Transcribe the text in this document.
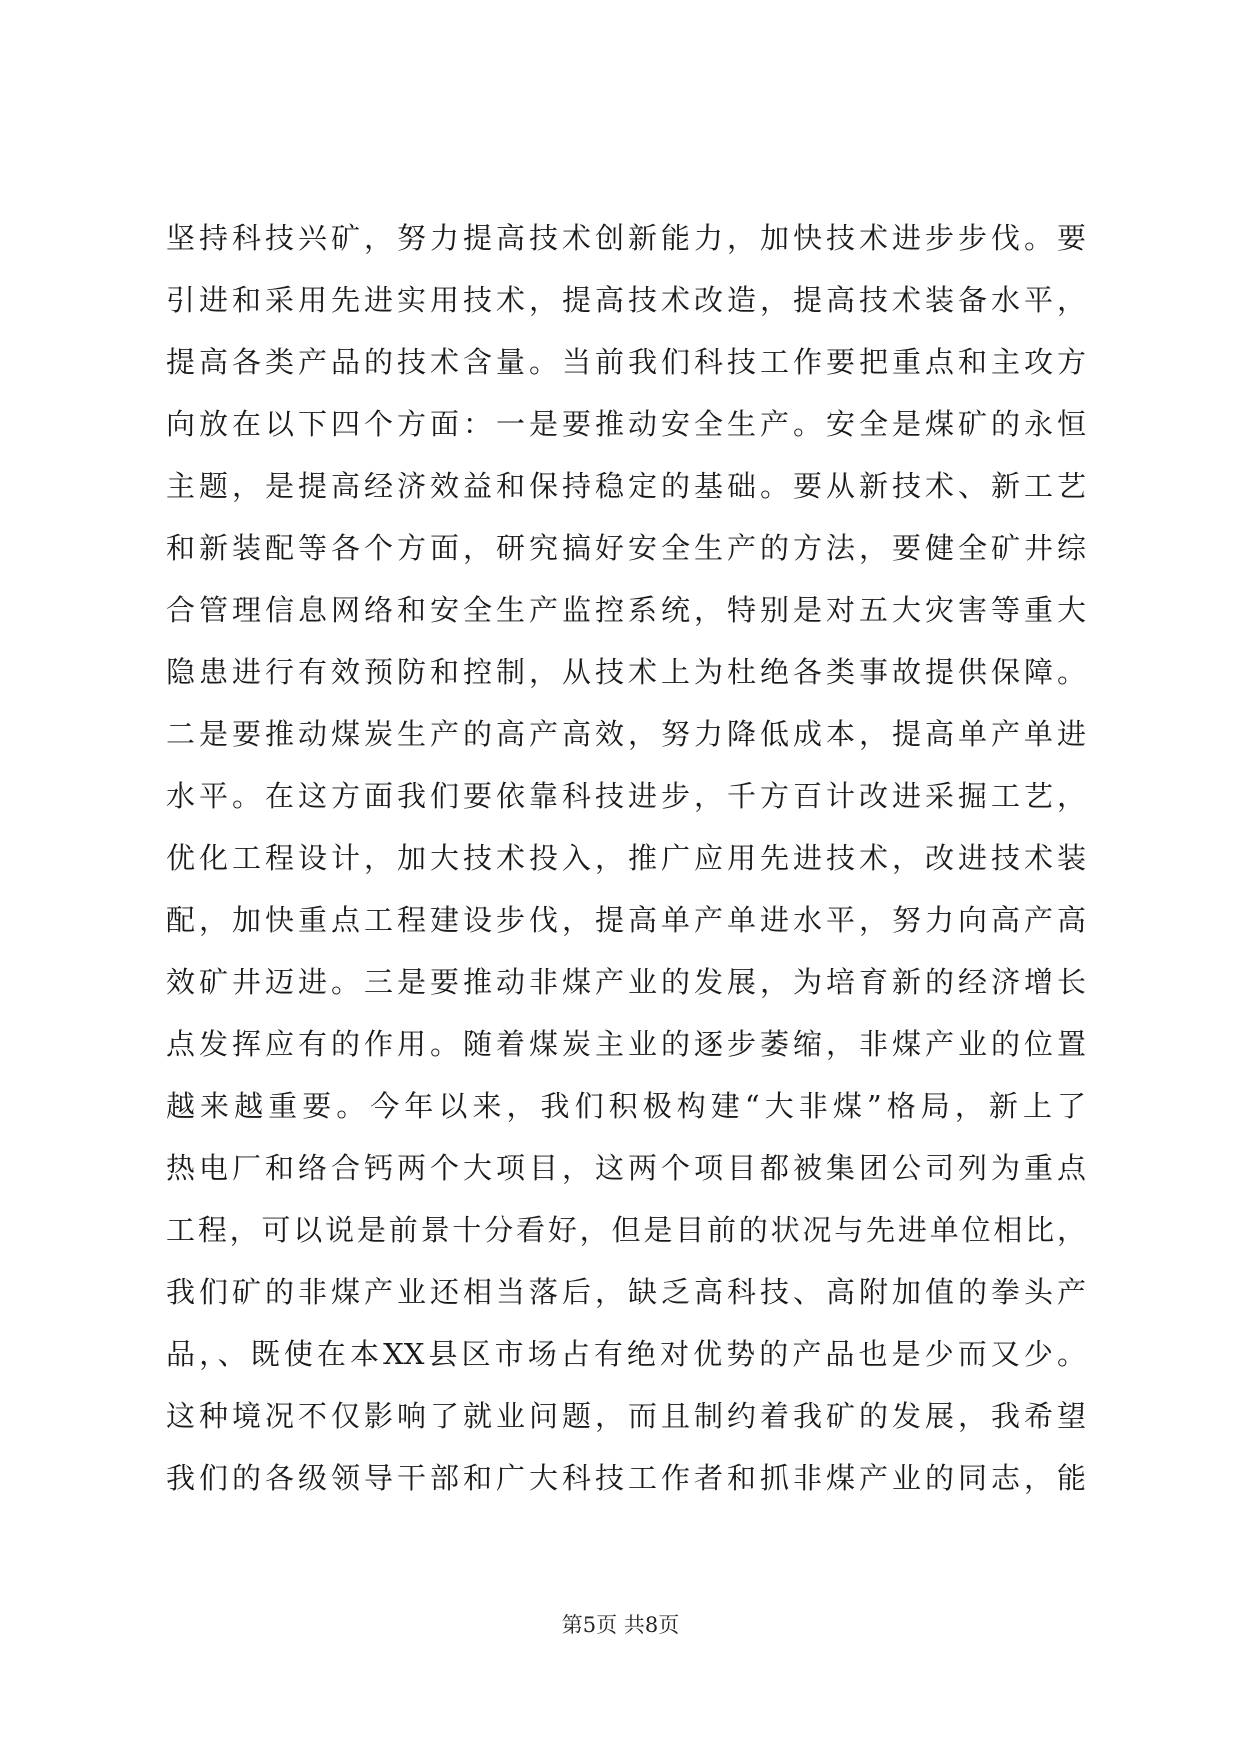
坚持科技兴矿，努力提高技术创新能力，加快技术进步步伐。要
引进和采用先进实用技术，提高技术改造，提高技术装备水平，
提高各类产品的技术含量。当前我们科技工作要把重点和主攻方
向放在以下四个方面：一是要推动安全生产。安全是煤矿的永恒
主题，是提高经济效益和保持稳定的基础。要从新技术、新工艺
和新装配等各个方面，研究搞好安全生产的方法，要健全矿井综
合管理信息网络和安全生产监控系统，特别是对五大灾害等重大
隐患进行有效预防和控制，从技术上为杜绝各类事故提供保障。
二是要推动煤炭生产的高产高效，努力降低成本，提高单产单进
水平。在这方面我们要依靠科技进步，千方百计改进采掘工艺，
优化工程设计，加大技术投入，推广应用先进技术，改进技术装
配，加快重点工程建设步伐，提高单产单进水平，努力向高产高
效矿井迈进。三是要推动非煤产业的发展，为培育新的经济增长
点发挥应有的作用。随着煤炭主业的逐步萎缩，非煤产业的位置
越来越重要。今年以来，我们积极构建“大非煤”格局，新上了
热电厂和络合钙两个大项目，这两个项目都被集团公司列为重点
工程，可以说是前景十分看好，但是目前的状况与先进单位相比，
我们矿的非煤产业还相当落后，缺乏高科技、高附加值的拳头产
品，、既使在本XX县区市场占有绝对优势的产品也是少而又少。
这种境况不仅影响了就业问题，而且制约着我矿的发展，我希望
我们的各级领导干部和广大科技工作者和抓非煤产业的同志，能
第5页 共8页
